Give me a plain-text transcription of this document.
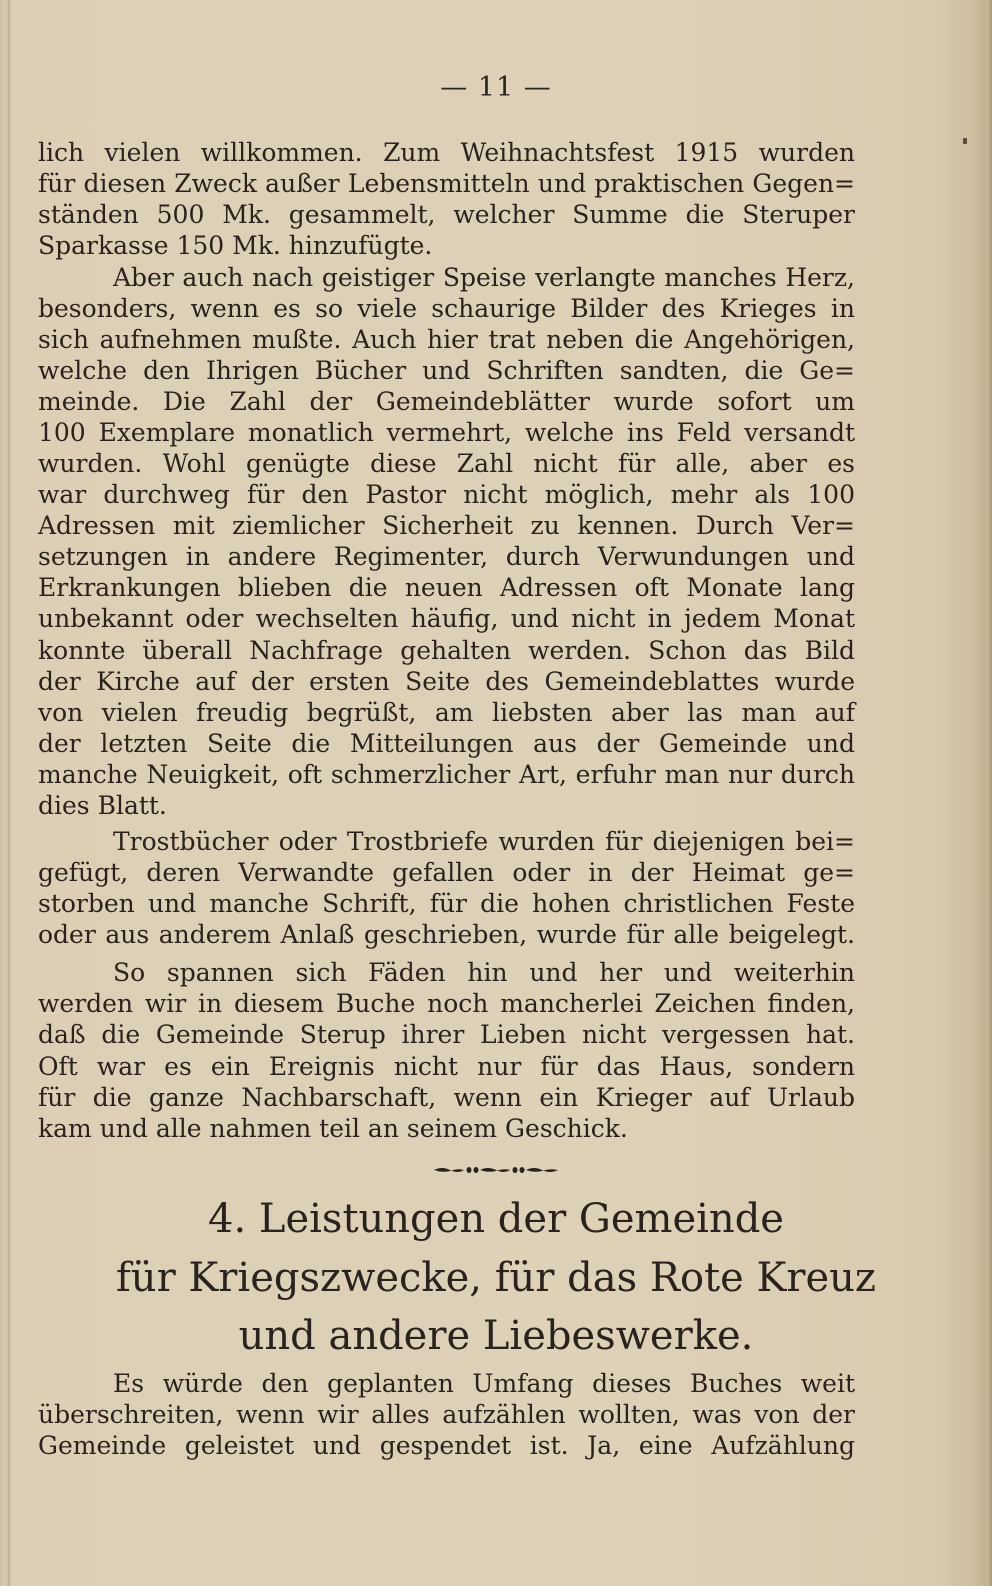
— 11 —
lich vielen willkommen. Zum Weihnachtsfest 1915 wurden
für diesen Zweck außer Lebensmitteln und praktischen Gegen=
ständen 500 Mk. gesammelt, welcher Summe die Steruper
Sparkasse 150 Mk. hinzufügte.
Aber auch nach geistiger Speise verlangte manches Herz,
besonders, wenn es so viele schaurige Bilder des Krieges in
sich aufnehmen mußte. Auch hier trat neben die Angehörigen,
welche den Ihrigen Bücher und Schriften sandten, die Ge=
meinde. Die Zahl der Gemeindeblätter wurde sofort um
100 Exemplare monatlich vermehrt, welche ins Feld versandt
wurden. Wohl genügte diese Zahl nicht für alle, aber es
war durchweg für den Pastor nicht möglich, mehr als 100
Adressen mit ziemlicher Sicherheit zu kennen. Durch Ver=
setzungen in andere Regimenter, durch Verwundungen und
Erkrankungen blieben die neuen Adressen oft Monate lang
unbekannt oder wechselten häufig, und nicht in jedem Monat
konnte überall Nachfrage gehalten werden. Schon das Bild
der Kirche auf der ersten Seite des Gemeindeblattes wurde
von vielen freudig begrüßt, am liebsten aber las man auf
der letzten Seite die Mitteilungen aus der Gemeinde und
manche Neuigkeit, oft schmerzlicher Art, erfuhr man nur durch
dies Blatt.
Trostbücher oder Trostbriefe wurden für diejenigen bei=
gefügt, deren Verwandte gefallen oder in der Heimat ge=
storben und manche Schrift, für die hohen christlichen Feste
oder aus anderem Anlaß geschrieben, wurde für alle beigelegt.
So spannen sich Fäden hin und her und weiterhin
werden wir in diesem Buche noch mancherlei Zeichen finden,
daß die Gemeinde Sterup ihrer Lieben nicht vergessen hat.
Oft war es ein Ereignis nicht nur für das Haus, sondern
für die ganze Nachbarschaft, wenn ein Krieger auf Urlaub
kam und alle nahmen teil an seinem Geschick.
4. Leistungen der Gemeinde
für Kriegszwecke, für das Rote Kreuz
und andere Liebeswerke.
Es würde den geplanten Umfang dieses Buches weit
überschreiten, wenn wir alles aufzählen wollten, was von der
Gemeinde geleistet und gespendet ist. Ja, eine Aufzählung
